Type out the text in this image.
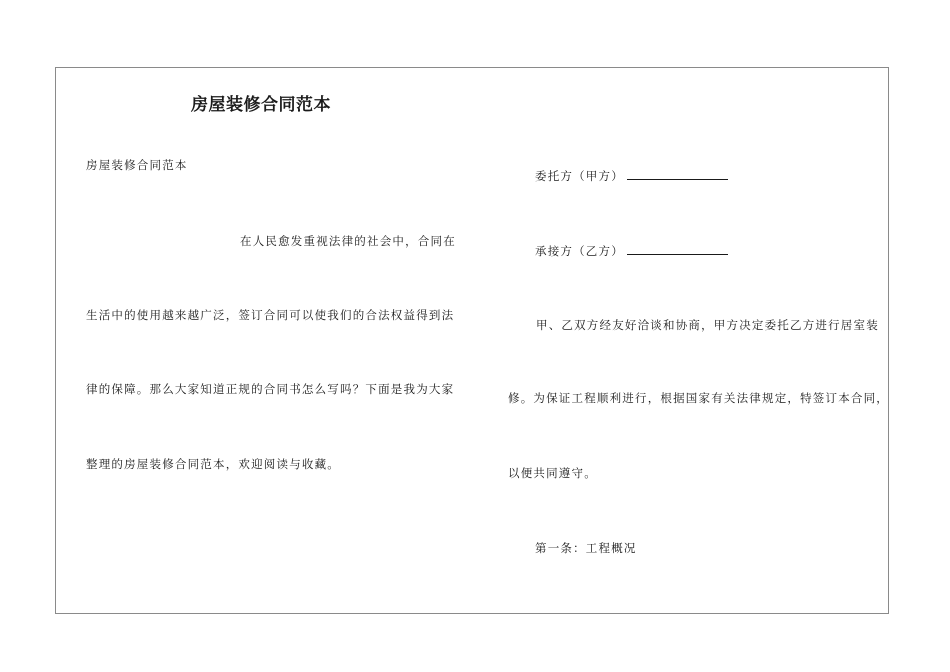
房屋装修合同范本
房屋装修合同范本
在人民愈发重视法律的社会中，合同在
生活中的使用越来越广泛，签订合同可以使我们的合法权益得到法
律的保障。那么大家知道正规的合同书怎么写吗？下面是我为大家
整理的房屋装修合同范本，欢迎阅读与收藏。
委托方（甲方）
承接方（乙方）
甲、乙双方经友好洽谈和协商，甲方决定委托乙方进行居室装
修。为保证工程顺利进行，根据国家有关法律规定，特签订本合同，
以便共同遵守。
第一条：工程概况
